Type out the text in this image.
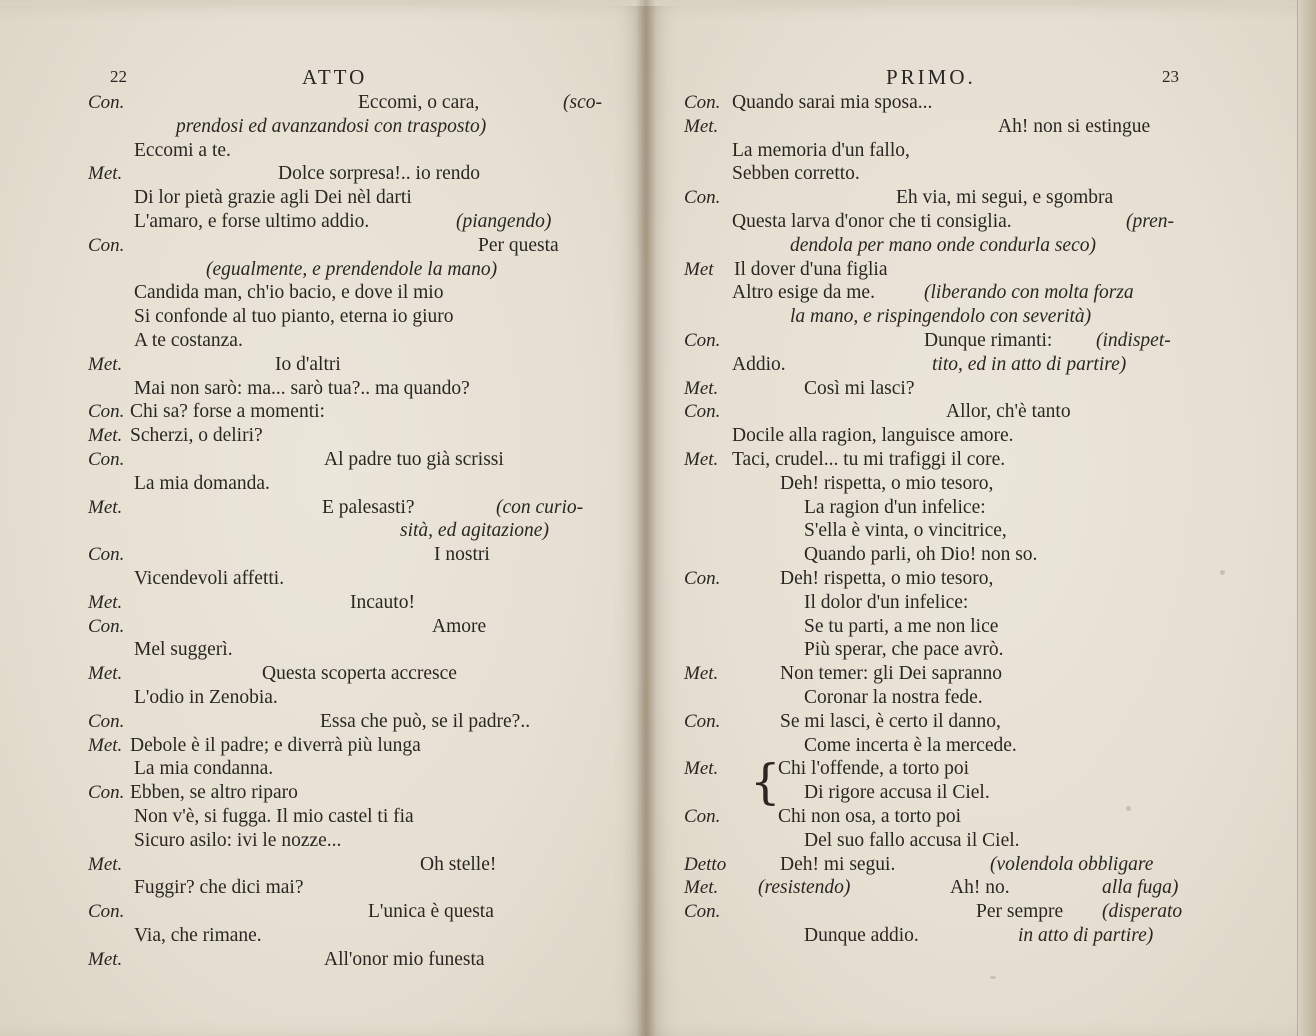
22	ATTO
Con.	Eccomi, o cara,	(sco-
prendosi ed avanzandosi con trasposto)
Eccomi a te.
Met.	Dolce sorpresa!.. io rendo
Di lor pietà grazie agli Dei nèl darti
L'amaro, e forse ultimo addio.	(piangendo)
Con.	Per questa
(egualmente, e prendendole la mano)
Candida man, ch'io bacio, e dove il mio
Si confonde al tuo pianto, eterna io giuro
A te costanza.
Met.	Io d'altri
Mai non sarò: ma... sarò tua?.. ma quando?
Con. Chi sa? forse a momenti:
Met. Scherzi, o deliri?
Con.	Al padre tuo già scrissi
La mia domanda.
Met.	E palesasti?	(con curio-
sità, ed agitazione)
Con.	I nostri
Vicendevoli affetti.
Met.	Incauto!
Con.	Amore
Mel suggerì.
Met.	Questa scoperta accresce
L'odio in Zenobia.
Con.	Essa che può, se il padre?..
Met. Debole è il padre; e diverrà più lunga
La mia condanna.
Con. Ebben, se altro riparo
Non v'è, si fugga. Il mio castel ti fia
Sicuro asilo: ivi le nozze...
Met.	Oh stelle!
Fuggir? che dici mai?
Con.	L'unica è questa
Via, che rimane.
Met.	All'onor mio funesta
PRIMO.	23
Con. Quando sarai mia sposa...
Met.	Ah! non si estingue
La memoria d'un fallo,
Sebben corretto.
Con.	Eh via, mi segui, e sgombra
Questa larva d'onor che ti consiglia.	(pren-
dendola per mano onde condurla seco)
Met Il dover d'una figlia
Altro esige da me.	(liberando con molta forza
la mano, e rispingendolo con severità)
Con.	Dunque rimanti: (indispet-
Addio.	tito, ed in atto di partire)
Met.	Così mi lasci?
Con.	Allor, ch'è tanto
Docile alla ragion, languisce amore.
Met. Taci, crudel... tu mi trafiggi il core.
Deh! rispetta, o mio tesoro,
La ragion d'un infelice:
S'ella è vinta, o vincitrice,
Quando parli, oh Dio! non so.
Con.	Deh! rispetta, o mio tesoro,
Il dolor d'un infelice:
Se tu parti, a me non lice
Più sperar, che pace avrò.
Met.	Non temer: gli Dei sapranno
Coronar la nostra fede.
Con.	Se mi lasci, è certo il danno,
Come incerta è la mercede.
Met.	Chi l'offende, a torto poi
Di rigore accusa il Ciel.
Con.	Chi non osa, a torto poi
Del suo fallo accusa il Ciel.
Detto	Deh! mi segui.	(volendola obbligare
Met. (resistendo)	Ah! no.	alla fuga)
Con.	Per sempre (disperato
Dunque addio.	in atto di partire)
{
